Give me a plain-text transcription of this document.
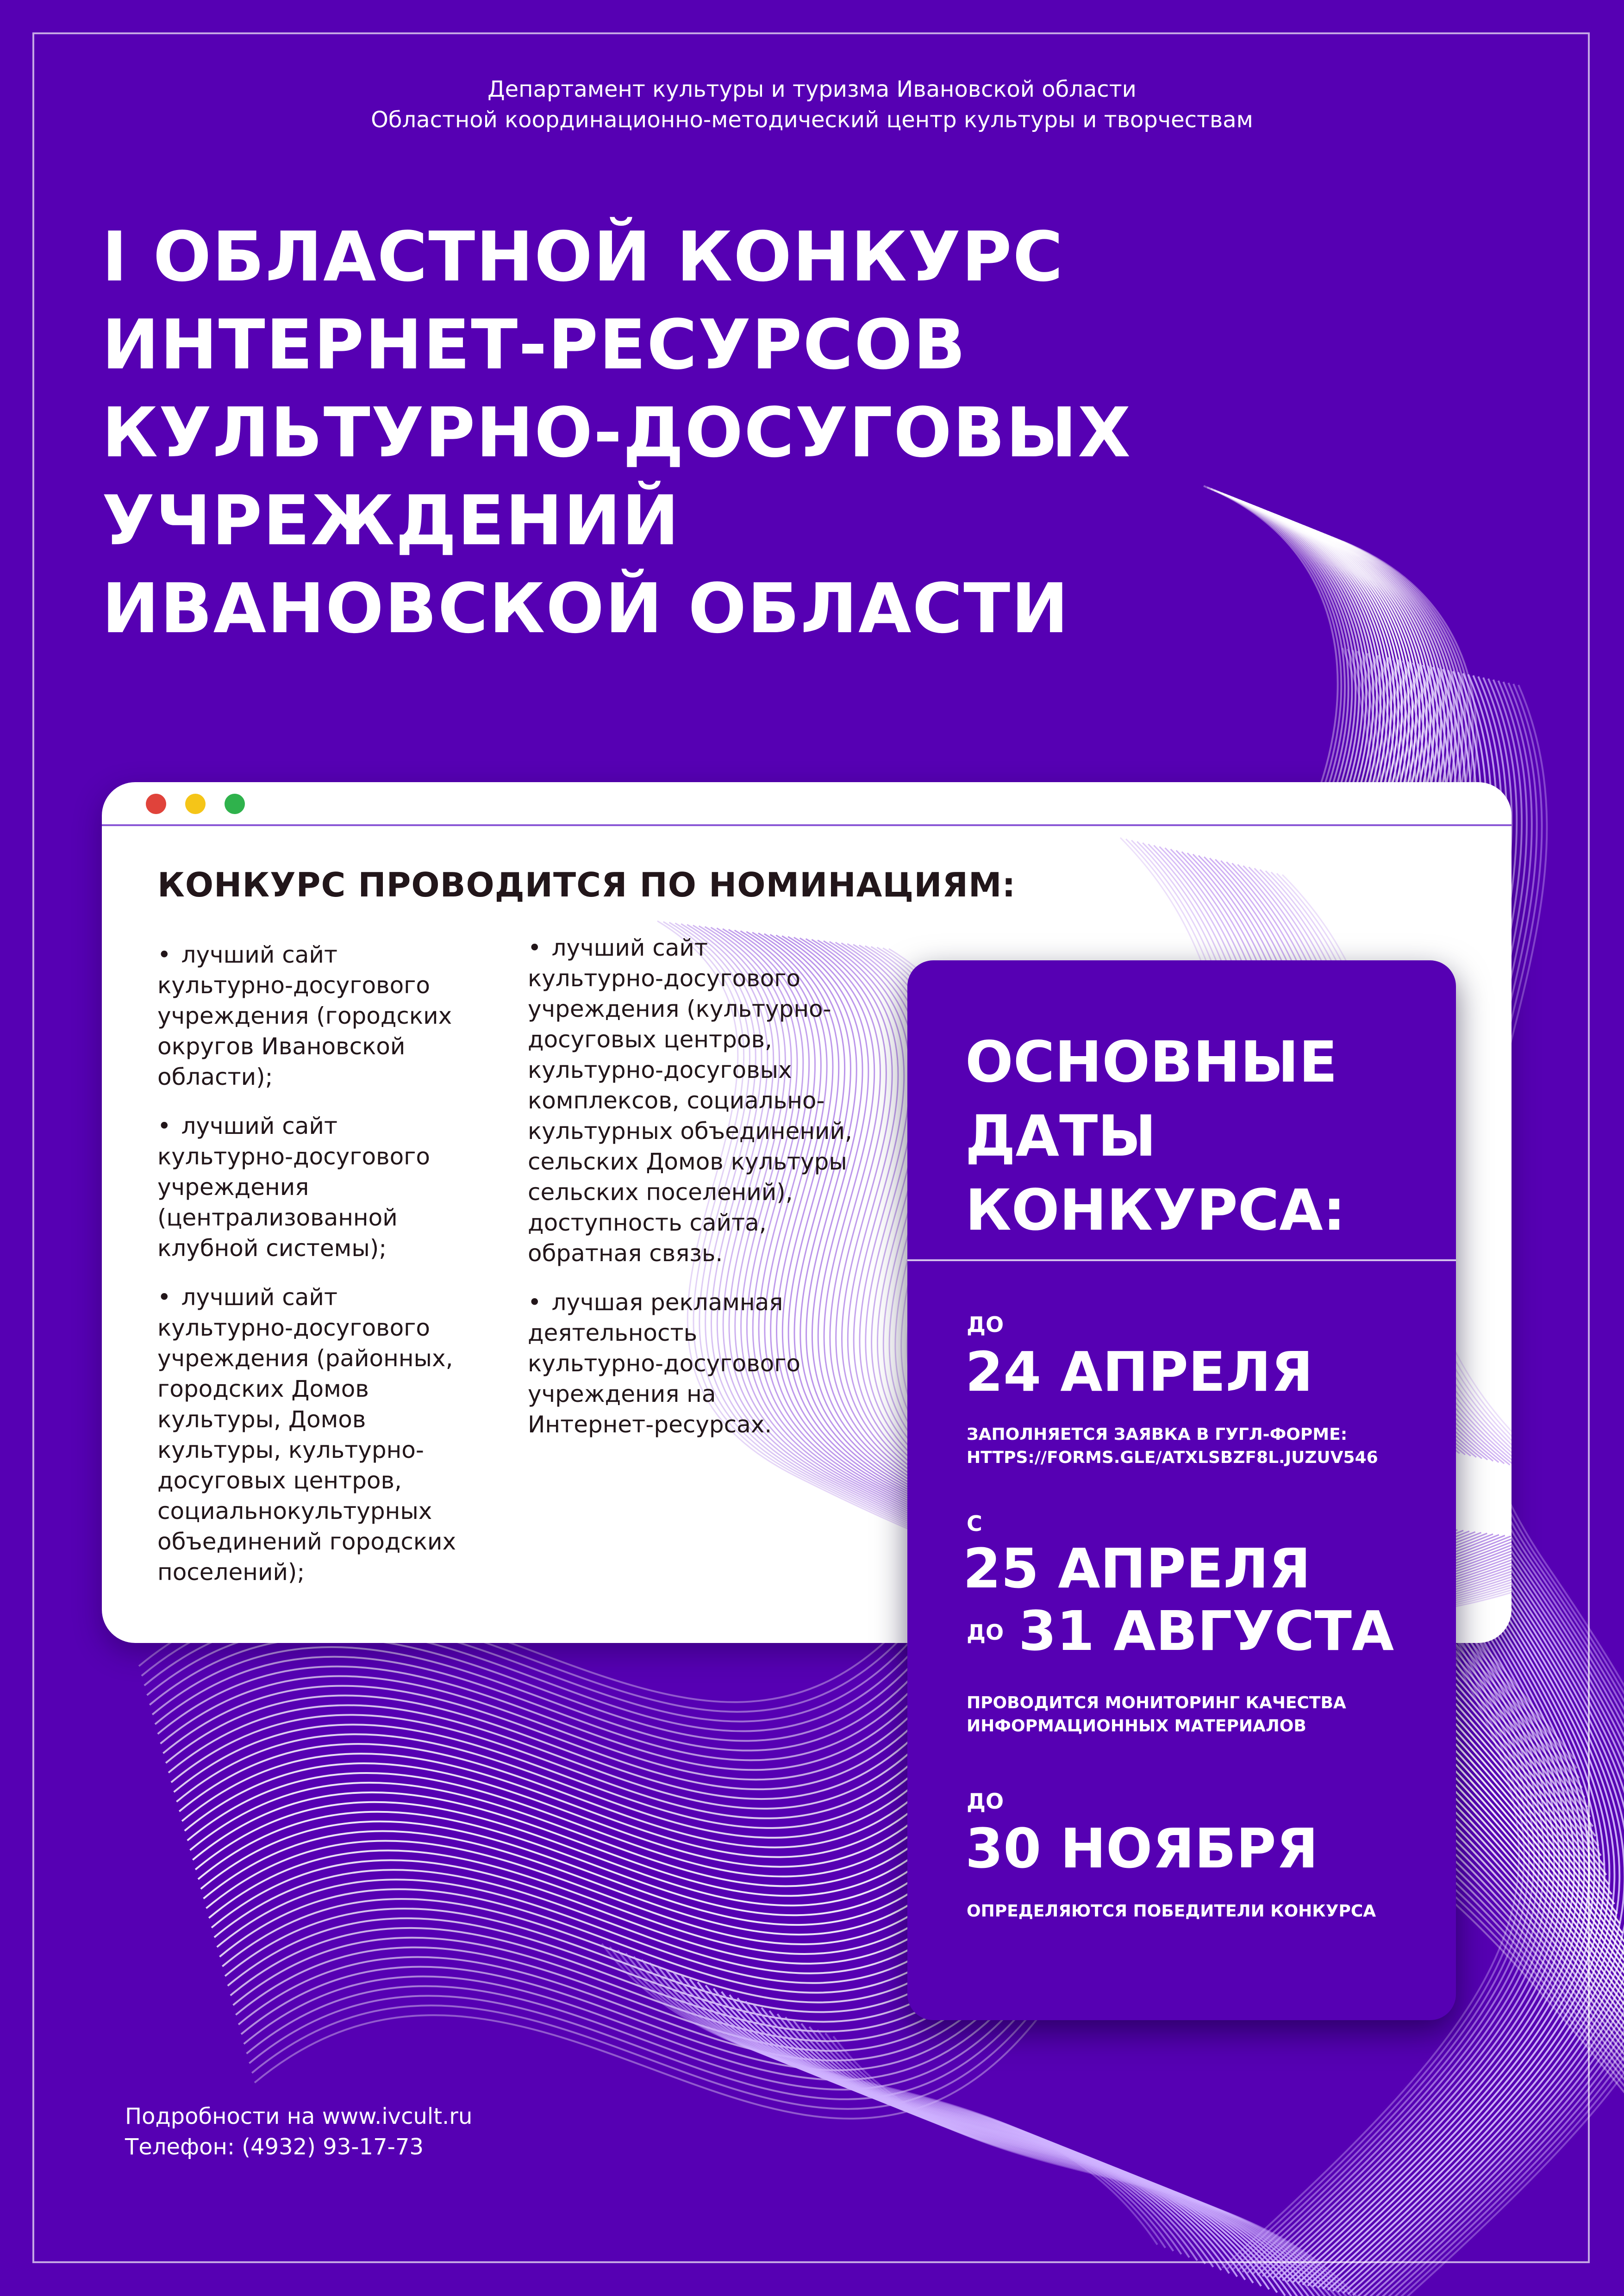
Департамент культуры и туризма Ивановской области
Областной координационно-методический центр культуры и творчествам
I ОБЛАСТНОЙ КОНКУРС
ИНТЕРНЕТ-РЕСУРСОВ
КУЛЬТУРНО-ДОСУГОВЫХ
УЧРЕЖДЕНИЙ
ИВАНОВСКОЙ ОБЛАСТИ
КОНКУРС ПРОВОДИТСЯ ПО НОМИНАЦИЯМ:
• лучший сайт
культурно-досугового
учреждения (городских
округов Ивановской
области);
• лучший сайт
культурно-досугового
учреждения
(централизованной
клубной системы);
• лучший сайт
культурно-досугового
учреждения (районных,
городских Домов
культуры, Домов
культуры, культурно-
досуговых центров,
социальнокультурных
объединений городских
поселений);
• лучший сайт
культурно-досугового
учреждения (культурно-
досуговых центров,
культурно-досуговых
комплексов, социально-
культурных объединений,
сельских Домов культуры
сельских поселений),
доступность сайта,
обратная связь.
• лучшая рекламная
деятельность
культурно-досугового
учреждения на
Интернет-ресурсах.
ОСНОВНЫЕ
ДАТЫ
КОНКУРСА:
ДО
24 АПРЕЛЯ
ЗАПОЛНЯЕТСЯ ЗАЯВКА В ГУГЛ-ФОРМЕ:
HTTPS://FORMS.GLE/ATXLSBZF8L.JUZUV546
С
25 АПРЕЛЯ
ДО 31 АВГУСТА
ПРОВОДИТСЯ МОНИТОРИНГ КАЧЕСТВА
ИНФОРМАЦИОННЫХ МАТЕРИАЛОВ
ДО
30 НОЯБРЯ
ОПРЕДЕЛЯЮТСЯ ПОБЕДИТЕЛИ КОНКУРСА
Подробности на www.ivcult.ru
Телефон: (4932) 93-17-73
